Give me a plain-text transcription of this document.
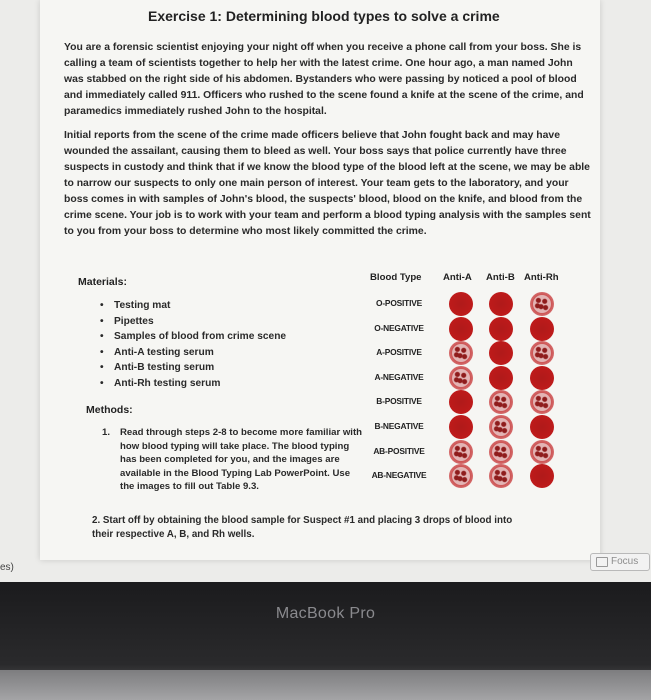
Exercise 1: Determining blood types to solve a crime
You are a forensic scientist enjoying your night off when you receive a phone call from your boss. She is calling a team of scientists together to help her with the latest crime. One hour ago, a man named John was stabbed on the right side of his abdomen. Bystanders who were passing by noticed a pool of blood and immediately called 911. Officers who rushed to the scene found a knife at the scene of the crime, and paramedics immediately rushed John to the hospital.
Initial reports from the scene of the crime made officers believe that John fought back and may have wounded the assailant, causing them to bleed as well. Your boss says that police currently have three suspects in custody and think that if we know the blood type of the blood left at the scene, we may be able to narrow our suspects to only one main person of interest. Your team gets to the laboratory, and your boss comes in with samples of John's blood, the suspects' blood, blood on the knife, and blood from the crime scene. Your job is to work with your team and perform a blood typing analysis with the samples sent to you from your boss to determine who most likely committed the crime.
Materials:
• Testing mat
• Pipettes
• Samples of blood from crime scene
• Anti-A testing serum
• Anti-B testing serum
• Anti-Rh testing serum
Methods:
1. Read through steps 2-8 to become more familiar with how blood typing will take place. The blood typing has been completed for you, and the images are available in the Blood Typing Lab PowerPoint. Use the images to fill out Table 9.3.
2. Start off by obtaining the blood sample for Suspect #1 and placing 3 drops of blood into their respective A, B, and Rh wells.
Blood Type Anti-A Anti-B Anti-Rh
O-POSITIVE
O-NEGATIVE
A-POSITIVE
A-NEGATIVE
B-POSITIVE
B-NEGATIVE
AB-POSITIVE
AB-NEGATIVE
es)
Focus
MacBook Pro
